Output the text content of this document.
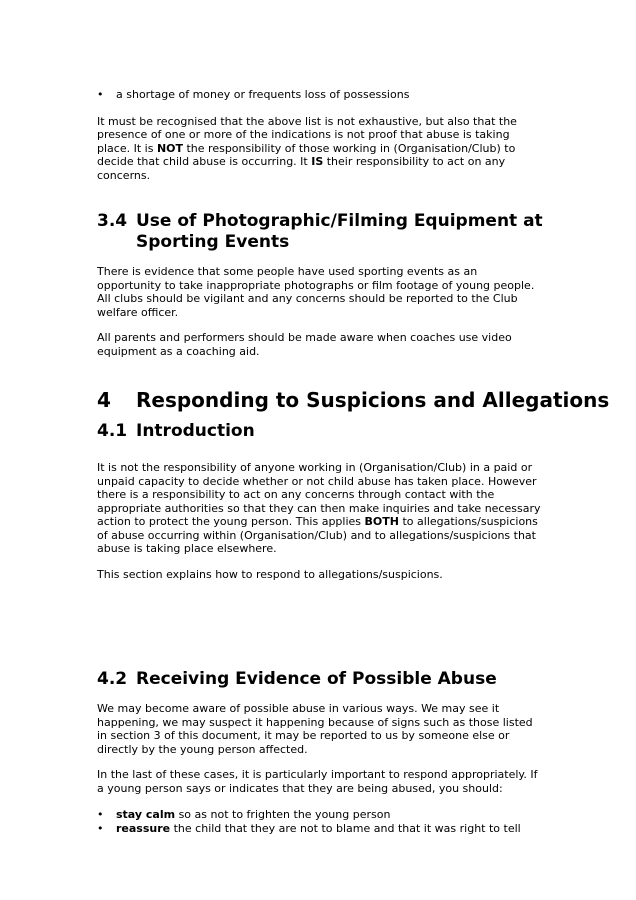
• a shortage of money or frequents loss of possessions

It must be recognised that the above list is not exhaustive, but also that the presence of one or more of the indications is not proof that abuse is taking place. It is NOT the responsibility of those working in (Organisation/Club) to decide that child abuse is occurring. It IS their responsibility to act on any concerns.

3.4 Use of Photographic/Filming Equipment at Sporting Events

There is evidence that some people have used sporting events as an opportunity to take inappropriate photographs or film footage of young people. All clubs should be vigilant and any concerns should be reported to the Club welfare officer.

All parents and performers should be made aware when coaches use video equipment as a coaching aid.

4 Responding to Suspicions and Allegations
4.1 Introduction

It is not the responsibility of anyone working in (Organisation/Club) in a paid or unpaid capacity to decide whether or not child abuse has taken place. However there is a responsibility to act on any concerns through contact with the appropriate authorities so that they can then make inquiries and take necessary action to protect the young person. This applies BOTH to allegations/suspicions of abuse occurring within (Organisation/Club) and to allegations/suspicions that abuse is taking place elsewhere.

This section explains how to respond to allegations/suspicions.

4.2 Receiving Evidence of Possible Abuse

We may become aware of possible abuse in various ways. We may see it happening, we may suspect it happening because of signs such as those listed in section 3 of this document, it may be reported to us by someone else or directly by the young person affected.

In the last of these cases, it is particularly important to respond appropriately. If a young person says or indicates that they are being abused, you should:

• stay calm so as not to frighten the young person
• reassure the child that they are not to blame and that it was right to tell
